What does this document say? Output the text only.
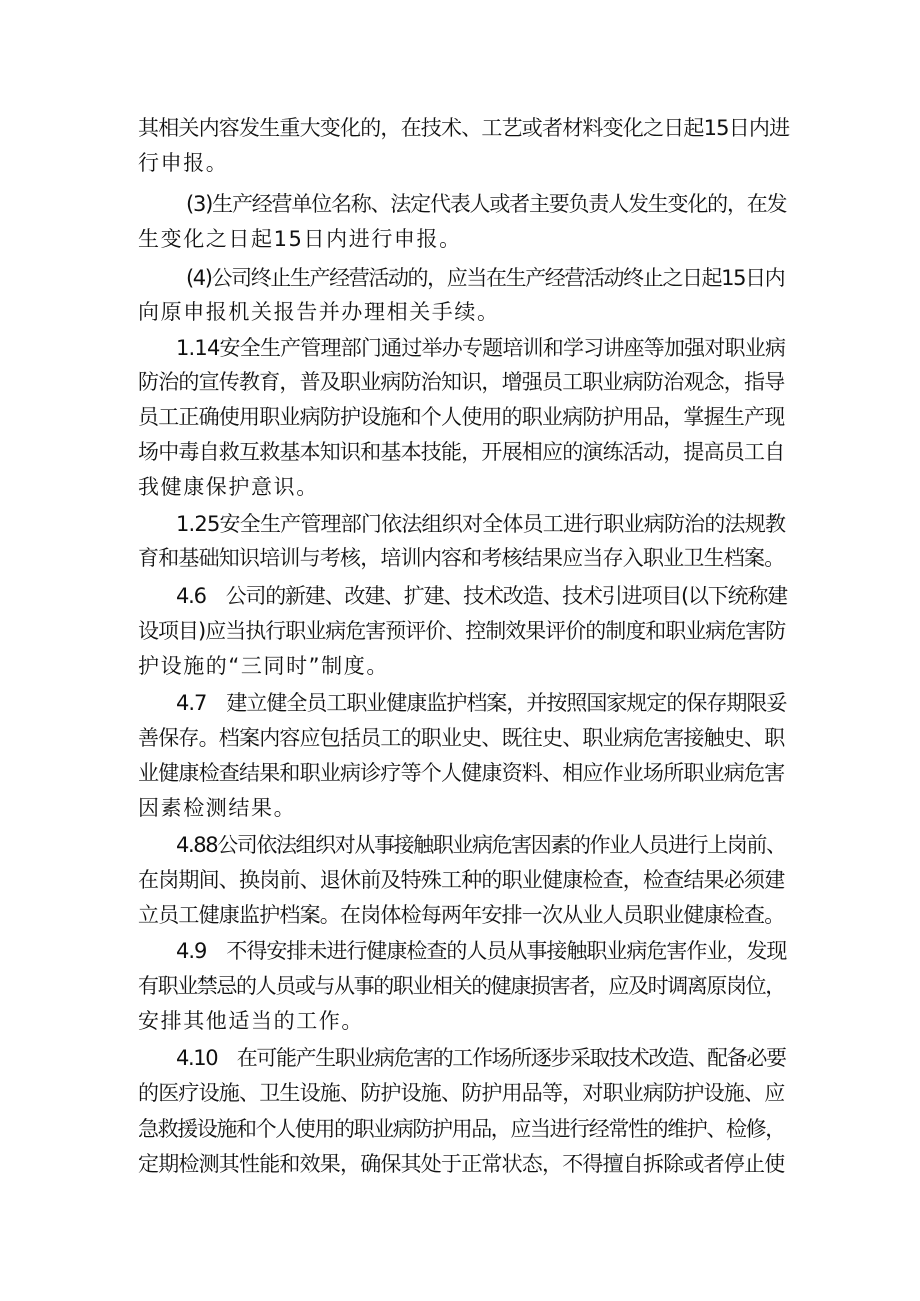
其相关内容发生重大变化的，在技术、工艺或者材料变化之日起15日内进
行申报。
(3)生产经营单位名称、法定代表人或者主要负责人发生变化的，在发
生变化之日起15日内进行申报。
(4)公司终止生产经营活动的，应当在生产经营活动终止之日起15日内
向原申报机关报告并办理相关手续。
1.14安全生产管理部门通过举办专题培训和学习讲座等加强对职业病
防治的宣传教育，普及职业病防治知识，增强员工职业病防治观念，指导
员工正确使用职业病防护设施和个人使用的职业病防护用品，掌握生产现
场中毒自救互救基本知识和基本技能，开展相应的演练活动，提高员工自
我健康保护意识。
1.25安全生产管理部门依法组织对全体员工进行职业病防治的法规教
育和基础知识培训与考核，培训内容和考核结果应当存入职业卫生档案。
4.6　公司的新建、改建、扩建、技术改造、技术引进项目(以下统称建
设项目)应当执行职业病危害预评价、控制效果评价的制度和职业病危害防
护设施的“三同时”制度。
4.7　建立健全员工职业健康监护档案，并按照国家规定的保存期限妥
善保存。档案内容应包括员工的职业史、既往史、职业病危害接触史、职
业健康检查结果和职业病诊疗等个人健康资料、相应作业场所职业病危害
因素检测结果。
4.88公司依法组织对从事接触职业病危害因素的作业人员进行上岗前、
在岗期间、换岗前、退休前及特殊工种的职业健康检查，检查结果必须建
立员工健康监护档案。在岗体检每两年安排一次从业人员职业健康检查。
4.9　不得安排未进行健康检查的人员从事接触职业病危害作业，发现
有职业禁忌的人员或与从事的职业相关的健康损害者，应及时调离原岗位，
安排其他适当的工作。
4.10　在可能产生职业病危害的工作场所逐步采取技术改造、配备必要
的医疗设施、卫生设施、防护设施、防护用品等，对职业病防护设施、应
急救援设施和个人使用的职业病防护用品，应当进行经常性的维护、检修，
定期检测其性能和效果，确保其处于正常状态，不得擅自拆除或者停止使
